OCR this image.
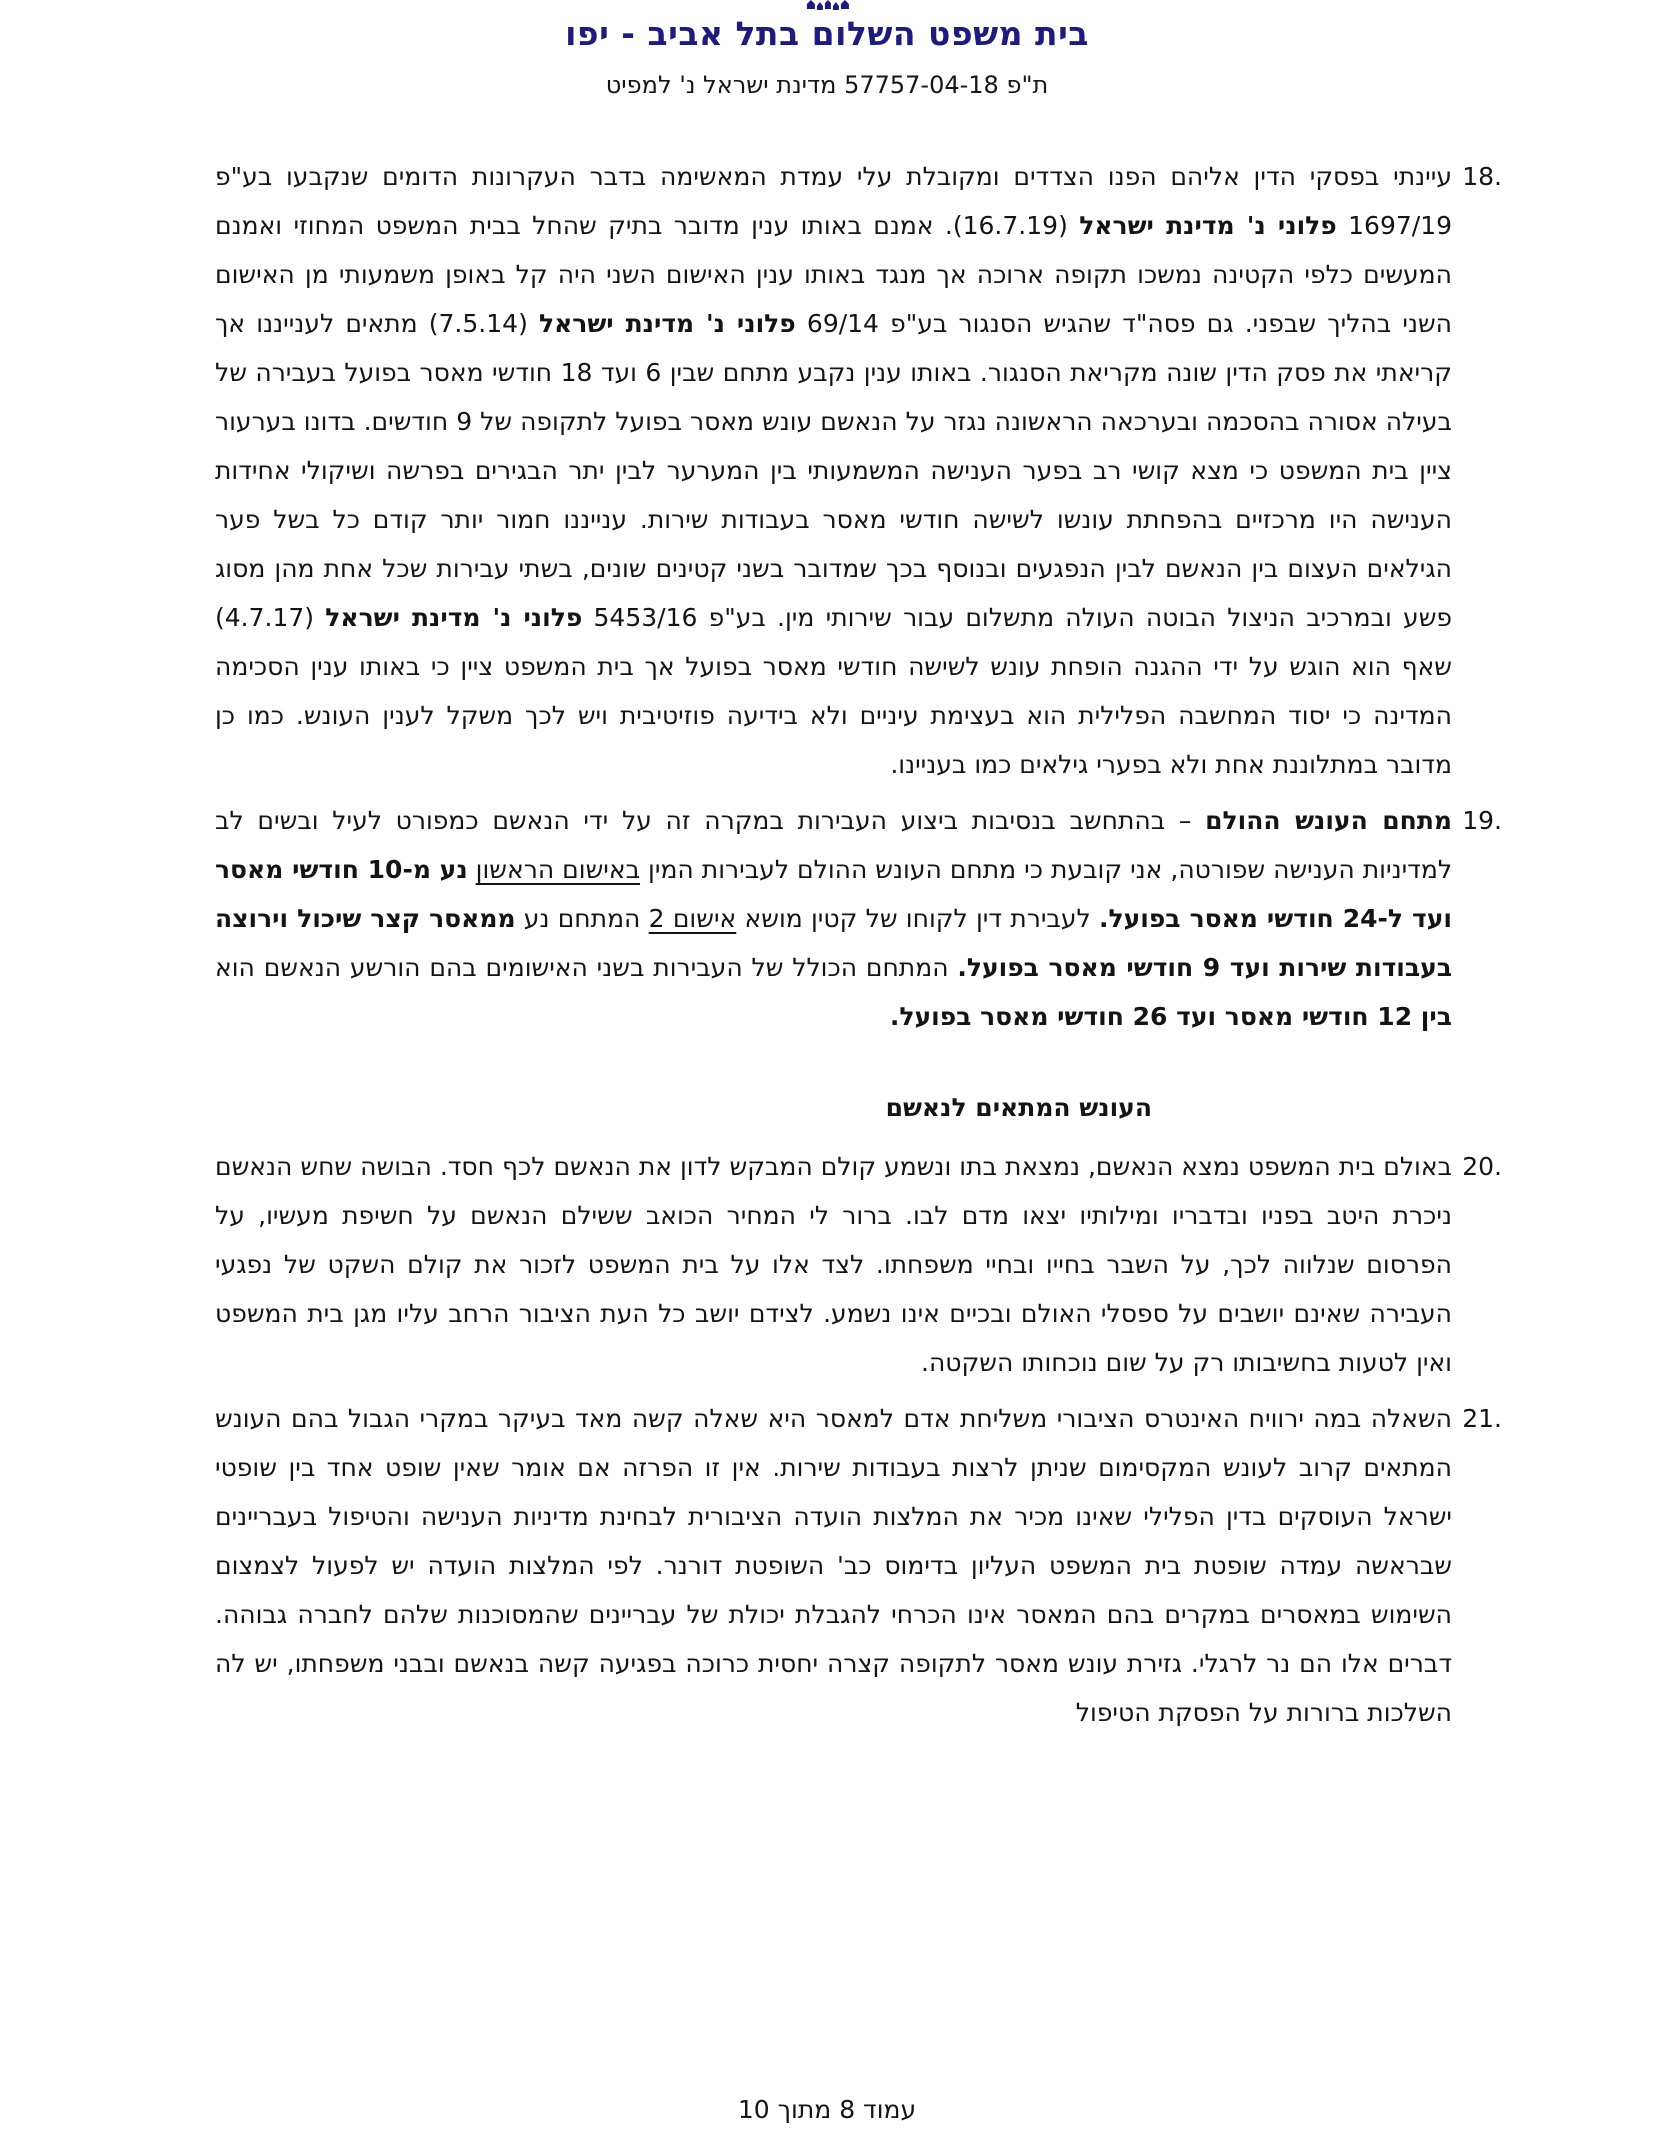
בית משפט השלום בתל אביב - יפו
ת"פ 57757-04-18 מדינת ישראל נ' למפיט
18.
עיינתי בפסקי הדין אליהם הפנו הצדדים ומקובלת עלי עמדת המאשימה בדבר העקרונות הדומים שנקבעו בע"פ 1697/19 פלוני נ' מדינת ישראל (16.7.19). אמנם באותו ענין מדובר בתיק שהחל בבית המשפט המחוזי ואמנם המעשים כלפי הקטינה נמשכו תקופה ארוכה אך מנגד באותו ענין האישום השני היה קל באופן משמעותי מן האישום השני בהליך שבפני. גם פסה"ד שהגיש הסנגור בע"פ 69/14 פלוני נ' מדינת ישראל (7.5.14) מתאים לענייננו אך קריאתי את פסק הדין שונה מקריאת הסנגור. באותו ענין נקבע מתחם שבין 6 ועד 18 חודשי מאסר בפועל בעבירה של בעילה אסורה בהסכמה ובערכאה הראשונה נגזר על הנאשם עונש מאסר בפועל לתקופה של 9 חודשים. בדונו בערעור ציין בית המשפט כי מצא קושי רב בפער הענישה המשמעותי בין המערער לבין יתר הבגירים בפרשה ושיקולי אחידות הענישה היו מרכזיים בהפחתת עונשו לשישה חודשי מאסר בעבודות שירות. ענייננו חמור יותר קודם כל בשל פער הגילאים העצום בין הנאשם לבין הנפגעים ובנוסף בכך שמדובר בשני קטינים שונים, בשתי עבירות שכל אחת מהן מסוג פשע ובמרכיב הניצול הבוטה העולה מתשלום עבור שירותי מין. בע"פ 5453/16 פלוני נ' מדינת ישראל (4.7.17) שאף הוא הוגש על ידי ההגנה הופחת עונש לשישה חודשי מאסר בפועל אך בית המשפט ציין כי באותו ענין הסכימה המדינה כי יסוד המחשבה הפלילית הוא בעצימת עיניים ולא בידיעה פוזיטיבית ויש לכך משקל לענין העונש. כמו כן מדובר במתלוננת אחת ולא בפערי גילאים כמו בעניינו.
19.
מתחם העונש ההולם – בהתחשב בנסיבות ביצוע העבירות במקרה זה על ידי הנאשם כמפורט לעיל ובשים לב למדיניות הענישה שפורטה, אני קובעת כי מתחם העונש ההולם לעבירות המין באישום הראשון נע מ-10 חודשי מאסר ועד ל-24 חודשי מאסר בפועל. לעבירת דין לקוחו של קטין מושא אישום 2 המתחם נע ממאסר קצר שיכול וירוצה בעבודות שירות ועד 9 חודשי מאסר בפועל. המתחם הכולל של העבירות בשני האישומים בהם הורשע הנאשם הוא בין 12 חודשי מאסר ועד 26 חודשי מאסר בפועל.
העונש המתאים לנאשם
20.
באולם בית המשפט נמצא הנאשם, נמצאת בתו ונשמע קולם המבקש לדון את הנאשם לכף חסד. הבושה שחש הנאשם ניכרת היטב בפניו ובדבריו ומילותיו יצאו מדם לבו. ברור לי המחיר הכואב ששילם הנאשם על חשיפת מעשיו, על הפרסום שנלווה לכך, על השבר בחייו ובחיי משפחתו. לצד אלו על בית המשפט לזכור את קולם השקט של נפגעי העבירה שאינם יושבים על ספסלי האולם ובכיים אינו נשמע. לצידם יושב כל העת הציבור הרחב עליו מגן בית המשפט ואין לטעות בחשיבותו רק על שום נוכחותו השקטה.
21.
השאלה במה ירוויח האינטרס הציבורי משליחת אדם למאסר היא שאלה קשה מאד בעיקר במקרי הגבול בהם העונש המתאים קרוב לעונש המקסימום שניתן לרצות בעבודות שירות. אין זו הפרזה אם אומר שאין שופט אחד בין שופטי ישראל העוסקים בדין הפלילי שאינו מכיר את המלצות הועדה הציבורית לבחינת מדיניות הענישה והטיפול בעבריינים שבראשה עמדה שופטת בית המשפט העליון בדימוס כב' השופטת דורנר. לפי המלצות הועדה יש לפעול לצמצום השימוש במאסרים במקרים בהם המאסר אינו הכרחי להגבלת יכולת של עבריינים שהמסוכנות שלהם לחברה גבוהה. דברים אלו הם נר לרגלי. גזירת עונש מאסר לתקופה קצרה יחסית כרוכה בפגיעה קשה בנאשם ובבני משפחתו, יש לה השלכות ברורות על הפסקת הטיפול
עמוד 8 מתוך 10
